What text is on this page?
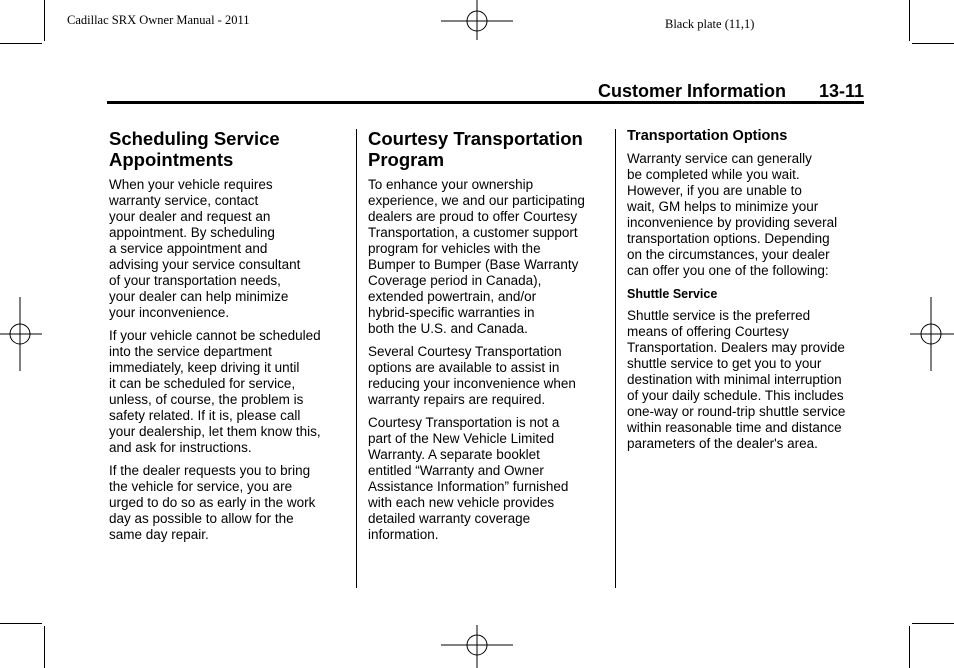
Cadillac SRX Owner Manual - 2011	Black plate (11,1)
Customer Information 13-11
Scheduling Service
Appointments
When your vehicle requires
warranty service, contact
your dealer and request an
appointment. By scheduling
a service appointment and
advising your service consultant
of your transportation needs,
your dealer can help minimize
your inconvenience.
If your vehicle cannot be scheduled
into the service department
immediately, keep driving it until
it can be scheduled for service,
unless, of course, the problem is
safety related. If it is, please call
your dealership, let them know this,
and ask for instructions.
If the dealer requests you to bring
the vehicle for service, you are
urged to do so as early in the work
day as possible to allow for the
same day repair.
Courtesy Transportation
Program
To enhance your ownership
experience, we and our participating
dealers are proud to offer Courtesy
Transportation, a customer support
program for vehicles with the
Bumper to Bumper (Base Warranty
Coverage period in Canada),
extended powertrain, and/or
hybrid-specific warranties in
both the U.S. and Canada.
Several Courtesy Transportation
options are available to assist in
reducing your inconvenience when
warranty repairs are required.
Courtesy Transportation is not a
part of the New Vehicle Limited
Warranty. A separate booklet
entitled “Warranty and Owner
Assistance Information” furnished
with each new vehicle provides
detailed warranty coverage
information.
Transportation Options
Warranty service can generally
be completed while you wait.
However, if you are unable to
wait, GM helps to minimize your
inconvenience by providing several
transportation options. Depending
on the circumstances, your dealer
can offer you one of the following:
Shuttle Service
Shuttle service is the preferred
means of offering Courtesy
Transportation. Dealers may provide
shuttle service to get you to your
destination with minimal interruption
of your daily schedule. This includes
one-way or round-trip shuttle service
within reasonable time and distance
parameters of the dealer's area.
